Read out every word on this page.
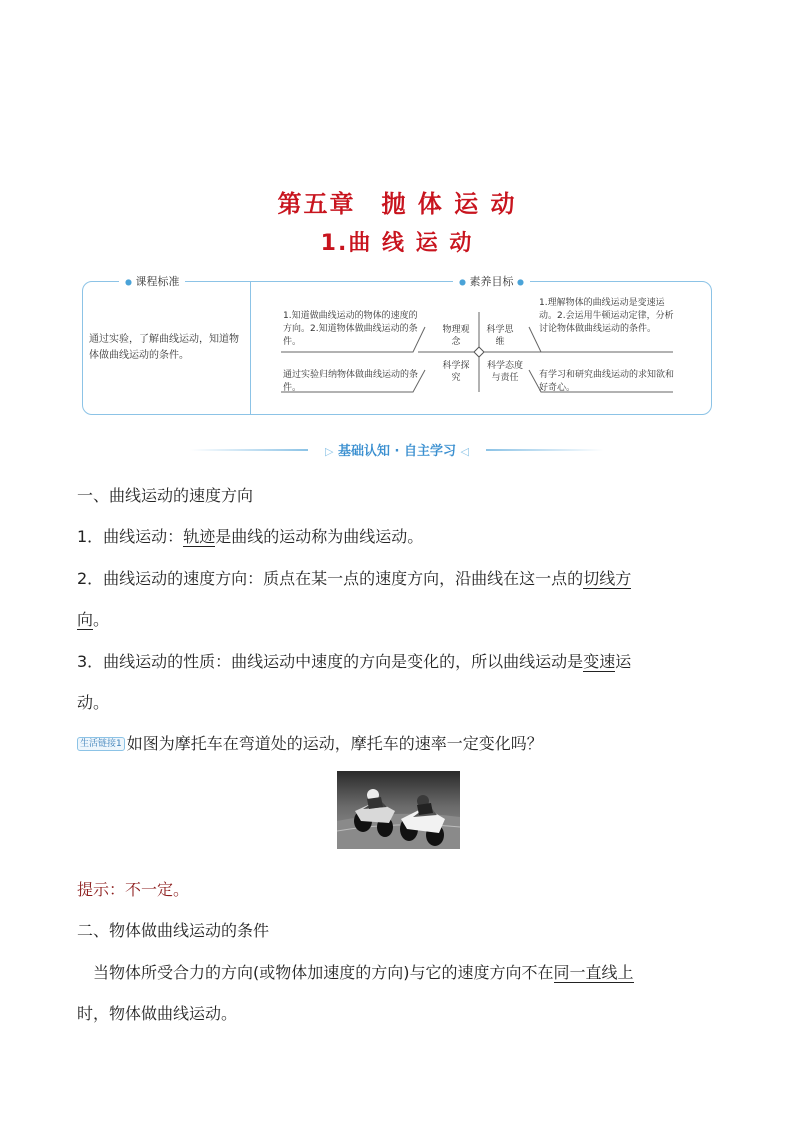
第五章　抛 体 运 动
1.曲 线 运 动
● 课程标准	● 素养目标 ●
通过实验，了解曲线运动，知道物体做曲线运动的条件。
1.知道做曲线运动的物体的速度的方向。2.知道物体做曲线运动的条件。
通过实验归纳物体做曲线运动的条件。
1.理解物体的曲线运动是变速运动。2.会运用牛顿运动定律，分析讨论物体做曲线运动的条件。
有学习和研究曲线运动的求知欲和好奇心。
物理观念
科学思维
科学探究
科学态度与责任
▷ 基础认知 · 自主学习 ◁
一、曲线运动的速度方向
1．曲线运动：轨迹是曲线的运动称为曲线运动。
2．曲线运动的速度方向：质点在某一点的速度方向，沿曲线在这一点的切线方
向。
3．曲线运动的性质：曲线运动中速度的方向是变化的，所以曲线运动是变速运
动。
生活链接1 如图为摩托车在弯道处的运动，摩托车的速率一定变化吗？
提示：不一定。
二、物体做曲线运动的条件
当物体所受合力的方向(或物体加速度的方向)与它的速度方向不在同一直线上
时，物体做曲线运动。
